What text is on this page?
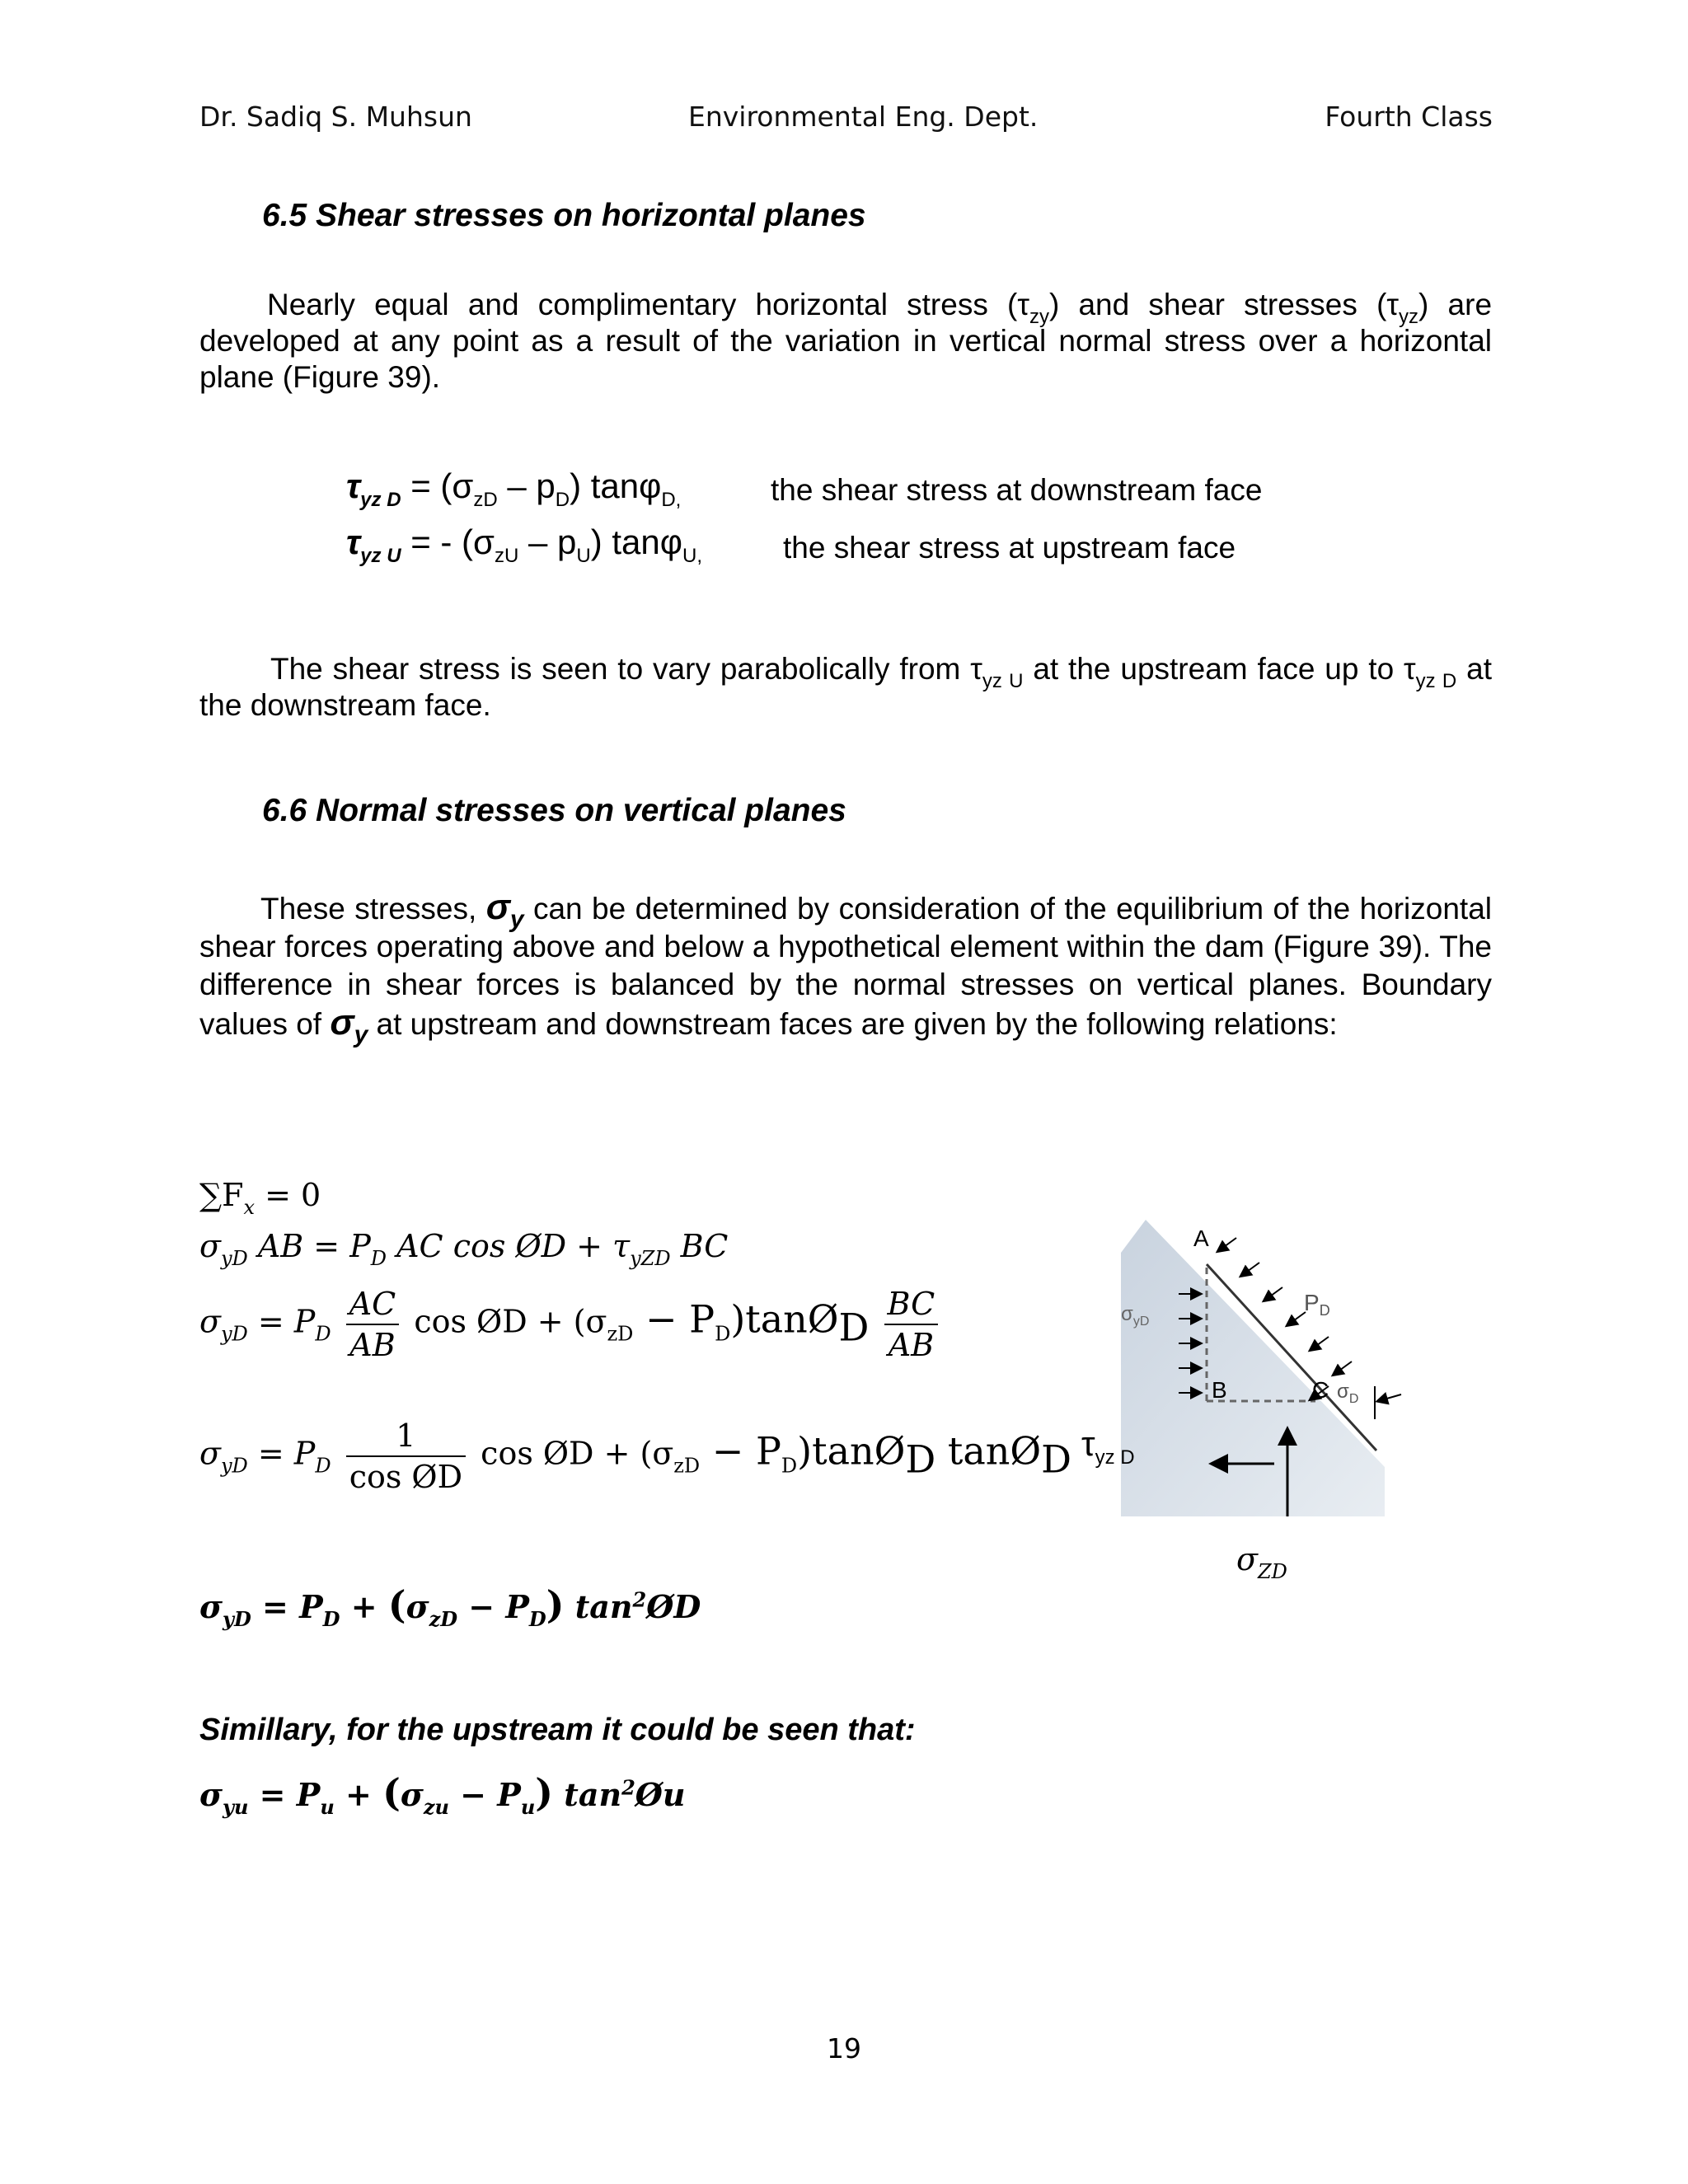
Dr. Sadiq S. Muhsun	Environmental Eng. Dept.	Fourth Class
6.5 Shear stresses on horizontal planes
Nearly equal and complimentary horizontal stress $(\tau_{zy})$ and shear stresses $(\tau_{yz})$ are developed at any point as a result of the variation in vertical normal stress over a horizontal plane (Figure 39).
$\tau_{yz D} = (\sigma_{zD} - p_D)$ tanφ$_{D,}$	the shear stress at downstream face
$\tau_{yz U}$ = - $(\sigma_{zU} - p_U)$ tanφ$_{U,}$	the shear stress at upstream face
The shear stress is seen to vary parabolically from $\tau_{yz U}$ at the upstream face up to $\tau_{yz D}$ at the downstream face.
6.6 Normal stresses on vertical planes
These stresses, $\sigma_y$ can be determined by consideration of the equilibrium of the horizontal shear forces operating above and below a hypothetical element within the dam (Figure 39). The difference in shear forces is balanced by the normal stresses on vertical planes. Boundary values of $\sigma_y$ at upstream and downstream faces are given by the following relations:
$\sum F_x = 0$
$\sigma_{yD}$ AB = $P_D$ AC cos ØD + $\tau_{yZD}$ BC
$\sigma_{yD} = P_D \frac{AC}{AB}$ cos ØD + ($\sigma_{zD}$ − $P_D)\tan Ø_D \frac{BC}{AB}$
$\sigma_{yD} = P_D \frac{1}{\text{cos ØD}}$ cos ØD + ($\sigma_{zD}$ − $P_D)\tan Ø_D$ tanØ$_D$
$\sigma_{yD} = P_D + (\sigma_{zD} - P_D)$ $\tan^2ØD$
Simillary, for the upstream it could be seen that:
$\sigma_{yu} = P_u + (\sigma_{zu} - P_u)$ $\tan^2Øu$
A
B	C
$P_D$
$\sigma_{yD}$
$\sigma_D$
$\tau_{yz D}$
$\sigma_{ZD}$
19
